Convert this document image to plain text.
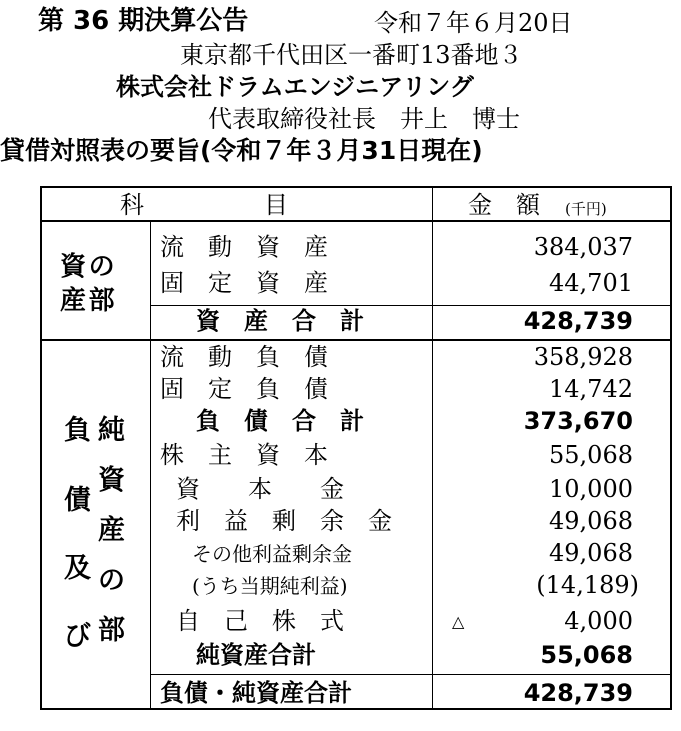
第 36 期決算公告	令和７年６月20日
東京都千代田区一番町13番地３
株式会社ドラムエンジニアリング
代表取締役社長　井上　博士
貸借対照表の要旨(令和７年３月31日現在)
科　　　　　目	金　額 (千円)
資の
産部
流　動　資　産	384,037
固　定　資　産	44,701
資　産　合　計	428,739
負
債
及
び
純
資
産
の
部
流　動　負　債	358,928
固　定　負　債	14,742
負　債　合　計	373,670
株　主　資　本	55,068
資　　本　　金	10,000
利　益　剰　余　金	49,068
その他利益剰余金	49,068
(うち当期純利益)	(14,189)
自　己　株　式	△	4,000
純資産合計	55,068
負債・純資産合計	428,739
